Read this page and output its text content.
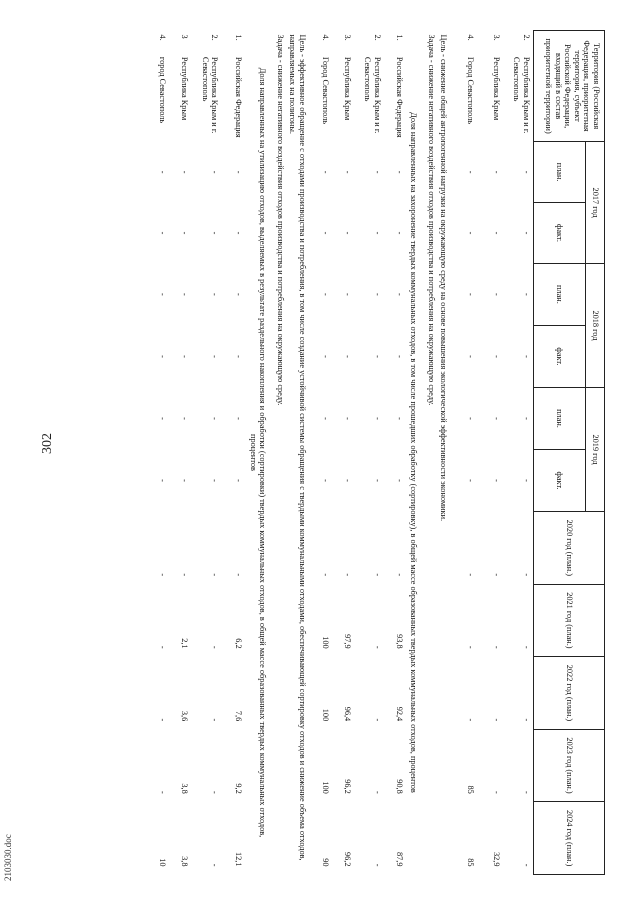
302
2103030.doc
Территория (Российская Федерация, приоритетная территория, субъект Российской Федерации, входящий в состав приоритетной территории)		2017 год		2018 год		2019 год		2020 год (план.)	2021 год (план.)	2022 год (план.)	2023 год (план.)	2024 год (план.)
		план.	факт.	план.	факт.	план.	факт.					
2.	Республика Крым и г. Севастополь	-	-	-	-	-	-	-	-	-	-	-
3.	Республика Крым	-	-	-	-	-	-	-	-	-	-	32,9
4.	Город Севастополь	-	-	-	-	-	-	-	-	-	85	85
Цель - снижение общей антропогенной нагрузки на окружающую среду на основе повышения экологической эффективности экономики.												
Задача - снижение негативного воздействия отходов производства и потребления на окружающую среду.												
Доля направленных на захоронение твердых коммунальных отходов, в том числе прошедших обработку (сортировку), в общей массе образованных твердых коммунальных отходов, процентов												
1.	Российская Федерация	-	-	-	-	-	-	-	93,8	92,4	90,8	87,9
2.	Республика Крым и г. Севастополь	-	-	-	-	-	-	-	-	-	-	-
3.	Республика Крым	-	-	-	-	-	-	-	97,9	96,4	96,2	96,2
4.	Город Севастополь	-	-	-	-	-	-	-	100	100	100	90
Цель - эффективное обращение с отходами производства и потребления, в том числе создание устойчивой системы обращения с твердыми коммунальными отходами, обеспечивающей сортировку отходов и снижение объема отходов, направляемых на полигоны.												
Задача - снижение негативного воздействия отходов производства и потребления на окружающую среду.												
Доля направленных на утилизацию отходов, выделяемых в результате раздельного накопления и обработки (сортировки) твердых коммунальных отходов, в общей массе образованных твердых коммунальных отходов, процентов												
1.	Российская Федерация	-	-	-	-	-	-	-	6,2	7,6	9,2	12,1
2.	Республика Крым и г. Севастополь	-	-	-	-	-	-	-	-	-	-	-
3	Республика Крым	-	-	-	-	-	-	-	2,1	3,6	3,8	3,8
4.	город Севастополь	-	-	-	-	-	-	-	-	-	-	10
